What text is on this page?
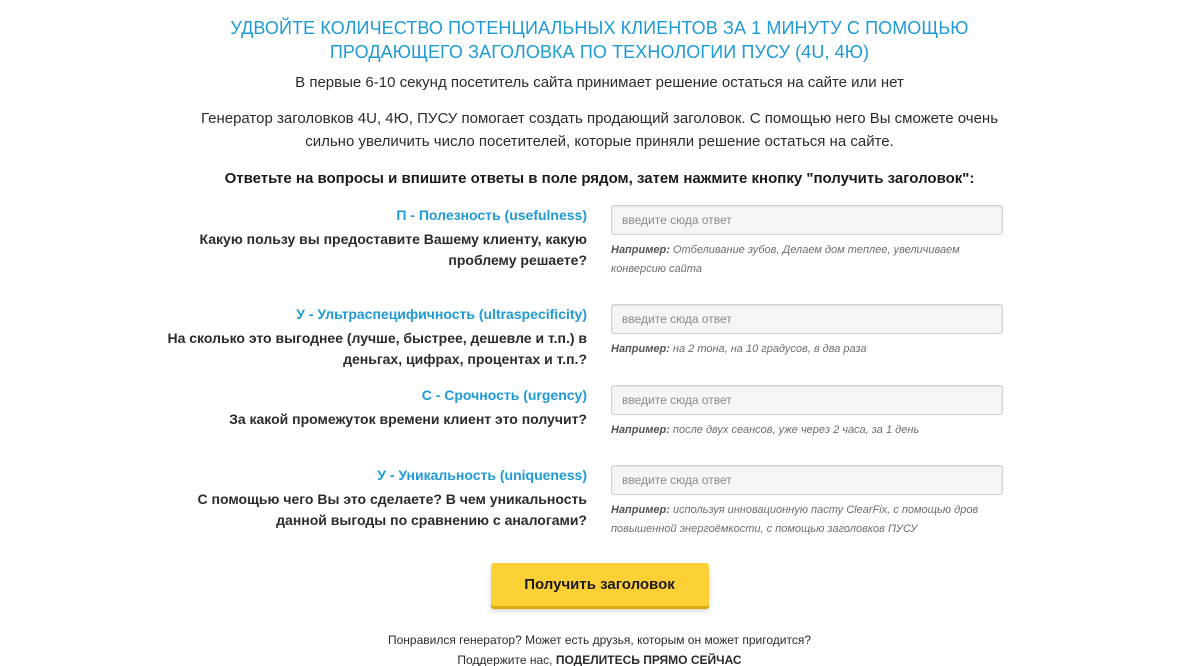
УДВОЙТЕ КОЛИЧЕСТВО ПОТЕНЦИАЛЬНЫХ КЛИЕНТОВ ЗА 1 МИНУТУ С ПОМОЩЬЮ
ПРОДАЮЩЕГО ЗАГОЛОВКА ПО ТЕХНОЛОГИИ ПУСУ (4U, 4Ю)
В первые 6-10 секунд посетитель сайта принимает решение остаться на сайте или нет
Генератор заголовков 4U, 4Ю, ПУСУ помогает создать продающий заголовок. С помощью него Вы сможете очень
сильно увеличить число посетителей, которые приняли решение остаться на сайте.
Ответьте на вопросы и впишите ответы в поле рядом, затем нажмите кнопку "получить заголовок":
П - Полезность (usefulness)
Какую пользу вы предоставите Вашему клиенту, какую
проблему решаете?
введите сюда ответ
Например: Отбеливание зубов, Делаем дом теплее, увеличиваем
конверсию сайта
У - Ультраспецифичность (ultraspecificity)
На сколько это выгоднее (лучше, быстрее, дешевле и т.п.) в
деньгах, цифрах, процентах и т.п.?
введите сюда ответ
Например: на 2 тона, на 10 градусов, в два раза
С - Срочность (urgency)
За какой промежуток времени клиент это получит?
введите сюда ответ
Например: после двух сеансов, уже через 2 часа, за 1 день
У - Уникальность (uniqueness)
С помощью чего Вы это сделаете? В чем уникальность
данной выгоды по сравнению с аналогами?
введите сюда ответ
Например: используя инновационную пасту ClearFix, с помощью дров
повышенной энергоёмкости, с помощью заголовков ПУСУ
Получить заголовок
Понравился генератор? Может есть друзья, которым он может пригодится?
Поддержите нас, ПОДЕЛИТЕСЬ ПРЯМО СЕЙЧАС
